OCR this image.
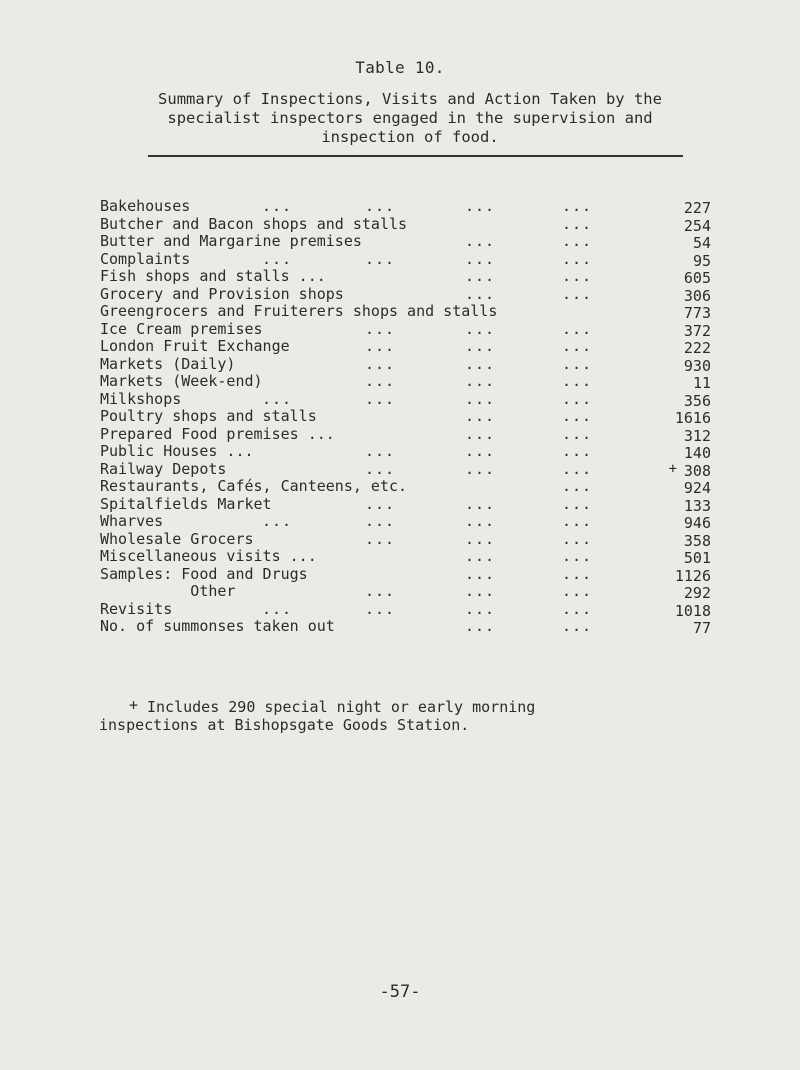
Table 10.
Summary of Inspections, Visits and Action Taken by the
specialist inspectors engaged in the supervision and
inspection of food.
Bakehouses	...	...	...	...	227
Butcher and Bacon shops and stalls	...	254
Butter and Margarine premises	...	...	54
Complaints	...	...	...	...	95
Fish shops and stalls ...	...	...	605
Grocery and Provision shops	...	...	306
Greengrocers and Fruiterers shops and stalls	773
Ice Cream premises	...	...	...	372
London Fruit Exchange	...	...	...	222
Markets (Daily)	...	...	...	930
Markets (Week-end)	...	...	...	11
Milkshops	...	...	...	...	356
Poultry shops and stalls	...	...	1616
Prepared Food premises ...	...	...	312
Public Houses ...	...	...	...	140
Railway Depots	...	...	...	+ 308
Restaurants, Cafés, Canteens, etc.	...	924
Spitalfields Market	...	...	...	133
Wharves	...	...	...	...	946
Wholesale Grocers	...	...	...	358
Miscellaneous visits ...	...	...	501
Samples: Food and Drugs	...	...	1126
Other	...	...	...	292
Revisits	...	...	...	...	1018
No. of summonses taken out	...	...	77
+ Includes 290 special night or early morning
inspections at Bishopsgate Goods Station.
-57-
